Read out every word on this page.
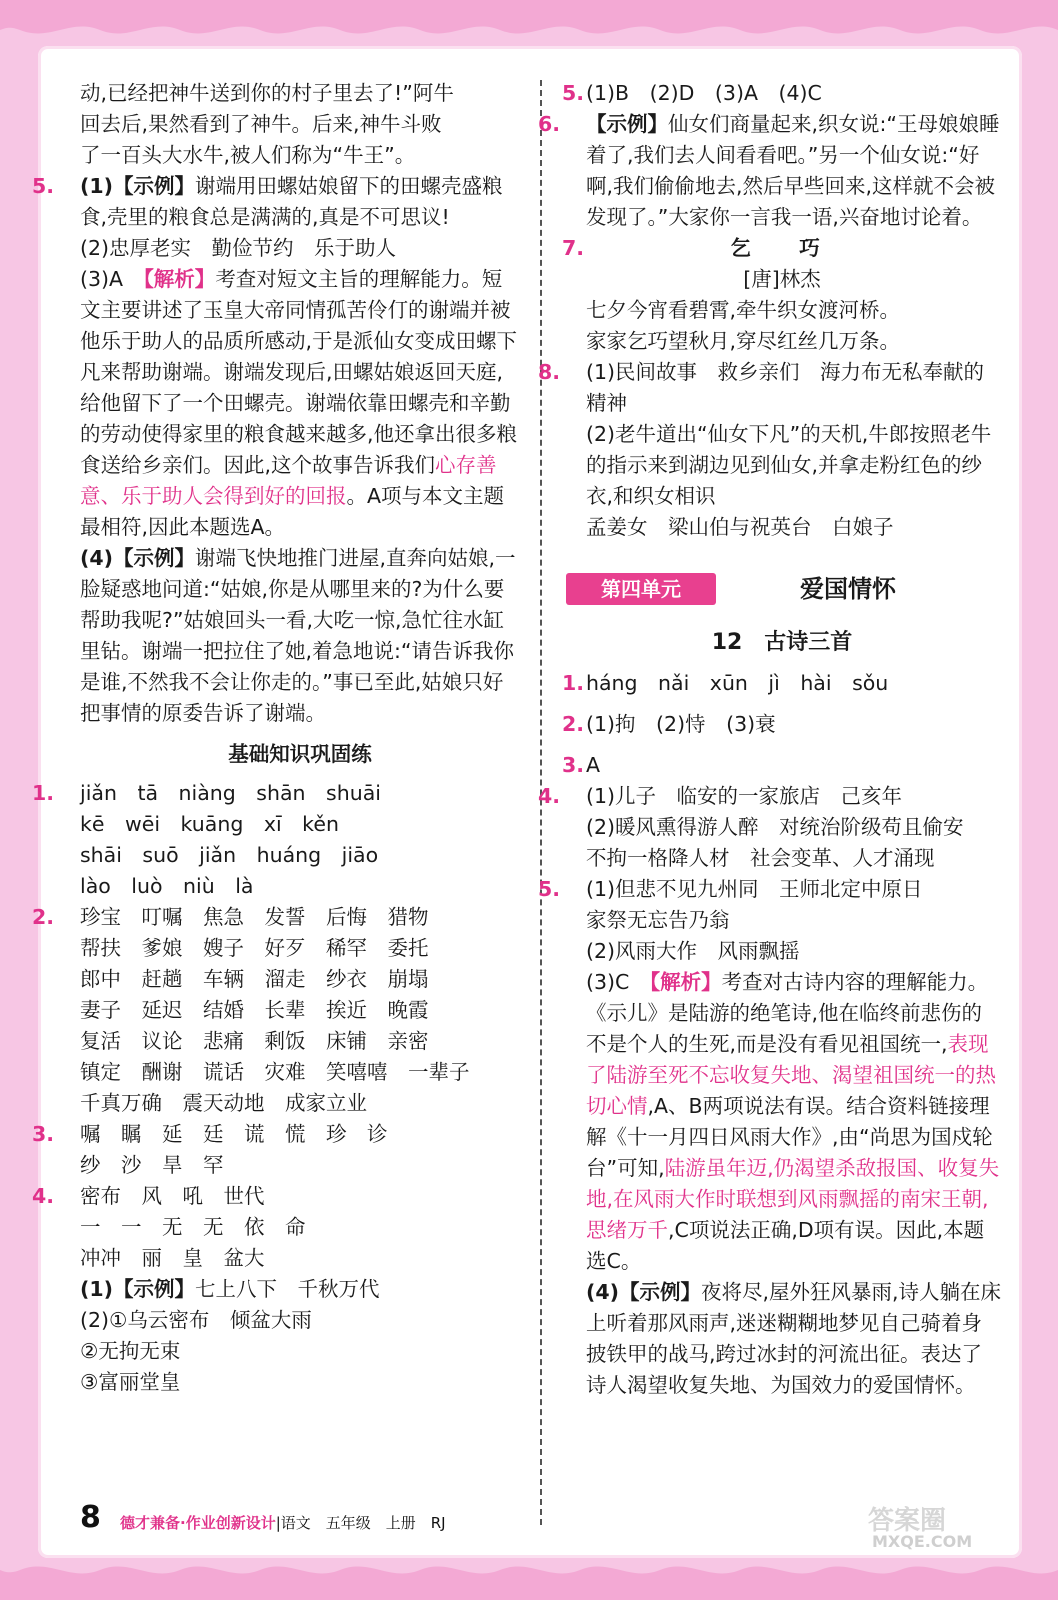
动,已经把神牛送到你的村子里去了!”阿牛

回去后,果然看到了神牛。后来,神牛斗败

了一百头大水牛,被人们称为“牛王”。

5. (1)【示例】谢端用田螺姑娘留下的田螺壳盛粮食,壳里的粮食总是满满的,真是不可思议!

(2)忠厚老实　勤俭节约　乐于助人

(3)A　 【解析】考查对短文主旨的理解能力。短文主要讲述了玉皇大帝同情孤苦伶仃的谢端并被他乐于助人的品质所感动,于是派仙女变成田螺下凡来帮助谢端。谢端发现后,田螺姑娘返回天庭,给他留下了一个田螺壳。谢端依靠田螺壳和辛勤的劳动使得家里的粮食越来越多,他还拿出很多粮食送给乡亲们。因此,这个故事告诉我们心存善意、乐于助人会得到好的回报。A项与本文主题最相符,因此本题选A。

(4)【示例】谢端飞快地推门进屋,直奔向姑娘,一脸疑惑地问道:“姑娘,你是从哪里来的?为什么要帮助我呢?”姑娘回头一看,大吃一惊,急忙往水缸里钻。谢端一把拉住了她,着急地说:“请告诉我你是谁,不然我不会让你走的。”事已至此,姑娘只好把事情的原委告诉了谢端。

基础知识巩固练

1. jiǎn　tā　niàng　shān　shuāi

kē　wēi　kuāng　xī　kěn

shāi　suō　jiǎn　huáng　jiāo

lào　luò　niù　là

2. 珍宝　叮嘱　焦急　发誓　后悔　猎物

帮扶　爹娘　嫂子　好歹　稀罕　委托

郎中　赶趟　车辆　溜走　纱衣　崩塌

妻子　延迟　结婚　长辈　挨近　晚霞

复活　议论　悲痛　剩饭　床铺　亲密

镇定　酬谢　谎话　灾难　笑嘻嘻　一辈子

千真万确　震天动地　成家立业

3. 嘱　瞩　延　廷　谎　慌　珍　诊

纱　沙　旱　罕

4. 密布　风　吼　世代

一　一　无　无　依　命

冲冲　丽　皇　盆大

(1)【示例】七上八下　千秋万代

(2)①乌云密布　倾盆大雨

②无拘无束

③富丽堂皇

5.(1)B　(2)D　(3)A　(4)C

6. 【示例】仙女们商量起来,织女说:“王母娘娘睡着了,我们去人间看看吧。”另一个仙女说:“好啊,我们偷偷地去,然后早些回来,这样就不会被发现了。”大家你一言我一语,兴奋地讨论着。

7.	乞　巧

[唐]林杰

七夕今宵看碧霄,牵牛织女渡河桥。

家家乞巧望秋月,穿尽红丝几万条。

8. (1)民间故事　救乡亲们　海力布无私奉献的精神

(2)老牛道出“仙女下凡”的天机,牛郎按照老牛的指示来到湖边见到仙女,并拿走粉红色的纱衣,和织女相识

孟姜女　梁山伯与祝英台　白娘子

第四单元	爱国情怀

12　古诗三首

1.háng　nǎi　xūn　jì　hài　sǒu

2.(1)拘　(2)恃　(3)衰

3.A

4. (1)儿子　临安的一家旅店　己亥年

(2)暖风熏得游人醉　对统治阶级苟且偷安　不拘一格降人材　社会变革、人才涌现

5. (1)但悲不见九州同　王师北定中原日

家祭无忘告乃翁

(2)风雨大作　风雨飘摇

(3)C　 【解析】考查对古诗内容的理解能力。《示儿》是陆游的绝笔诗,他在临终前悲伤的不是个人的生死,而是没有看见祖国统一,表现了陆游至死不忘收复失地、渴望祖国统一的热切心情,A、B两项说法有误。结合资料链接理解《十一月四日风雨大作》,由“尚思为国戍轮台”可知,陆游虽年迈,仍渴望杀敌报国、收复失地,在风雨大作时联想到风雨飘摇的南宋王朝,思绪万千,C项说法正确,D项有误。因此,本题选C。

(4)【示例】夜将尽,屋外狂风暴雨,诗人躺在床上听着那风雨声,迷迷糊糊地梦见自己骑着身披铁甲的战马,跨过冰封的河流出征。表达了诗人渴望收复失地、为国效力的爱国情怀。

8 德才兼备·作业创新设计|语文　五年级　上册　RJ	答案圈
MXQE.COM
